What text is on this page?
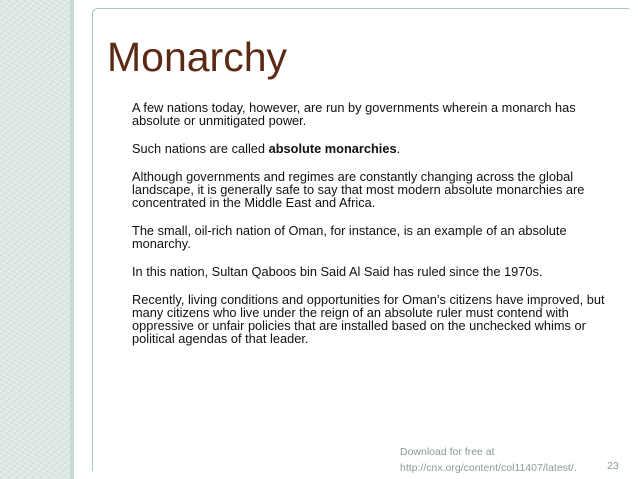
Monarchy
A few nations today, however, are run by governments wherein a monarch has absolute or unmitigated power.
Such nations are called absolute monarchies.
Although governments and regimes are constantly changing across the global landscape, it is generally safe to say that most modern absolute monarchies are concentrated in the Middle East and Africa.
The small, oil-rich nation of Oman, for instance, is an example of an absolute monarchy.
In this nation, Sultan Qaboos bin Said Al Said has ruled since the 1970s.
Recently, living conditions and opportunities for Oman’s citizens have improved, but many citizens who live under the reign of an absolute ruler must contend with oppressive or unfair policies that are installed based on the unchecked whims or political agendas of that leader.
Download for free at
http://cnx.org/content/col11407/latest/.	23
